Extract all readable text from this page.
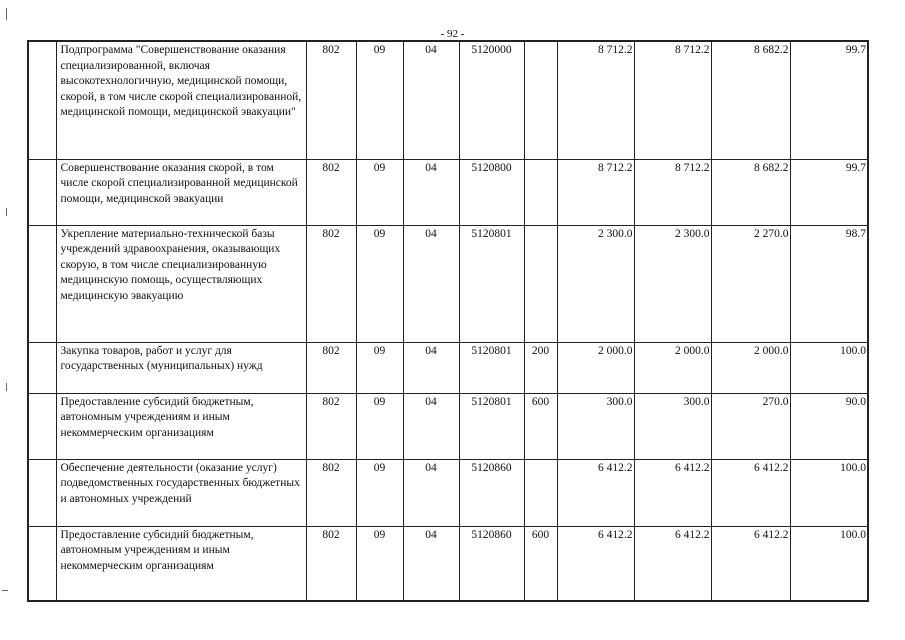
- 92 -
	Подпрограмма "Совершенствование оказания специализированной, включая высокотехнологичную, медицинской помощи, скорой, в том числе скорой специализированной, медицинской помощи, медицинской эвакуации"	802	09	04	5120000		8 712.2	8 712.2	8 682.2	99.7
	Совершенствование оказания скорой, в том числе скорой специализированной медицинской помощи, медицинской эвакуации	802	09	04	5120800		8 712.2	8 712.2	8 682.2	99.7
	Укрепление материально-технической базы учреждений здравоохранения, оказывающих скорую, в том числе специализированную медицинскую помощь, осуществляющих медицинскую эвакуацию	802	09	04	5120801		2 300.0	2 300.0	2 270.0	98.7
	Закупка товаров, работ и услуг для государственных (муниципальных) нужд	802	09	04	5120801	200	2 000.0	2 000.0	2 000.0	100.0
	Предоставление субсидий бюджетным, автономным учреждениям и иным некоммерческим организациям	802	09	04	5120801	600	300.0	300.0	270.0	90.0
	Обеспечение деятельности (оказание услуг) подведомственных государственных бюджетных и автономных учреждений	802	09	04	5120860		6 412.2	6 412.2	6 412.2	100.0
	Предоставление субсидий бюджетным, автономным учреждениям и иным некоммерческим организациям	802	09	04	5120860	600	6 412.2	6 412.2	6 412.2	100.0
